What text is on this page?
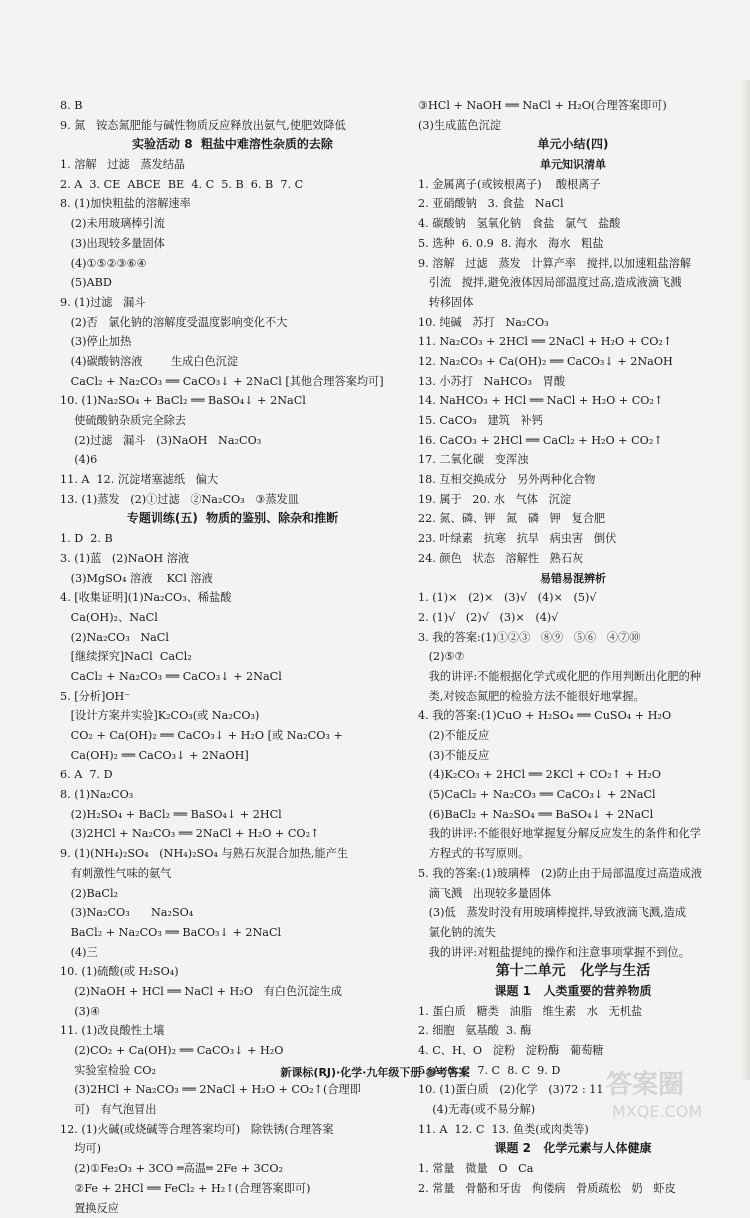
8. B
9. 氮   铵态氮肥能与碱性物质反应释放出氨气,使肥效降低
实验活动 8  粗盐中难溶性杂质的去除
1. 溶解   过滤   蒸发结晶
2. A  3. CE  ABCE  BE  4. C  5. B  6. B  7. C
8. (1)加快粗盐的溶解速率
(2)未用玻璃棒引流
(3)出现较多量固体
(4)①⑤②③⑥④
(5)ABD
9. (1)过滤   漏斗
(2)否   氯化钠的溶解度受温度影响变化不大
(3)停止加热
(4)碳酸钠溶液        生成白色沉淀
CaCl₂ + Na₂CO₃ ══ CaCO₃↓ + 2NaCl [其他合理答案均可]
10. (1)Na₂SO₄ + BaCl₂ ══ BaSO₄↓ + 2NaCl
使硫酸钠杂质完全除去
(2)过滤   漏斗   (3)NaOH   Na₂CO₃
(4)6
11. A  12. 沉淀堵塞滤纸   偏大
13. (1)蒸发   (2)①过滤   ②Na₂CO₃   ③蒸发皿
专题训练(五)  物质的鉴别、除杂和推断
1. D  2. B
3. (1)蓝   (2)NaOH 溶液
(3)MgSO₄ 溶液    KCl 溶液
4. [收集证明](1)Na₂CO₃、稀盐酸
Ca(OH)₂、NaCl
(2)Na₂CO₃   NaCl
[继续探究]NaCl  CaCl₂
CaCl₂ + Na₂CO₃ ══ CaCO₃↓ + 2NaCl
5. [分析]OH⁻
[设计方案并实验]K₂CO₃(或 Na₂CO₃)
CO₂ + Ca(OH)₂ ══ CaCO₃↓ + H₂O [或 Na₂CO₃ +
Ca(OH)₂ ══ CaCO₃↓ + 2NaOH]
6. A  7. D
8. (1)Na₂CO₃
(2)H₂SO₄ + BaCl₂ ══ BaSO₄↓ + 2HCl
(3)2HCl + Na₂CO₃ ══ 2NaCl + H₂O + CO₂↑
9. (1)(NH₄)₂SO₄   (NH₄)₂SO₄ 与熟石灰混合加热,能产生
有刺激性气味的氨气
(2)BaCl₂
(3)Na₂CO₃      Na₂SO₄
BaCl₂ + Na₂CO₃ ══ BaCO₃↓ + 2NaCl
(4)三
10. (1)硫酸(或 H₂SO₄)
(2)NaOH + HCl ══ NaCl + H₂O   有白色沉淀生成
(3)④
11. (1)改良酸性土壤
(2)CO₂ + Ca(OH)₂ ══ CaCO₃↓ + H₂O
实验室检验 CO₂
(3)2HCl + Na₂CO₃ ══ 2NaCl + H₂O + CO₂↑(合理即
可)   有气泡冒出
12. (1)火碱(或烧碱等合理答案均可)   除铁锈(合理答案
均可)
(2)①Fe₂O₃ + 3CO ═高温═ 2Fe + 3CO₂
②Fe + 2HCl ══ FeCl₂ + H₂↑(合理答案即可)
置换反应
③HCl + NaOH ══ NaCl + H₂O(合理答案即可)
(3)生成蓝色沉淀
单元小结(四)
单元知识清单
1. 金属离子(或铵根离子)    酸根离子
2. 亚硝酸钠   3. 食盐   NaCl
4. 碳酸钠   氢氧化钠   食盐   氯气   盐酸
5. 选种  6. 0.9  8. 海水   海水   粗盐
9. 溶解   过滤   蒸发   计算产率   搅拌,以加速粗盐溶解
引流   搅拌,避免液体因局部温度过高,造成液滴飞溅
转移固体
10. 纯碱   苏打   Na₂CO₃
11. Na₂CO₃ + 2HCl ══ 2NaCl + H₂O + CO₂↑
12. Na₂CO₃ + Ca(OH)₂ ══ CaCO₃↓ + 2NaOH
13. 小苏打   NaHCO₃   胃酸
14. NaHCO₃ + HCl ══ NaCl + H₂O + CO₂↑
15. CaCO₃   建筑   补钙
16. CaCO₃ + 2HCl ══ CaCl₂ + H₂O + CO₂↑
17. 二氧化碳   变浑浊
18. 互相交换成分   另外两种化合物
19. 属于   20. 水   气体   沉淀
22. 氮、磷、钾   氮   磷   钾   复合肥
23. 叶绿素   抗寒   抗旱   病虫害   倒伏
24. 颜色   状态   溶解性   熟石灰
易错易混辨析
1. (1)×   (2)×   (3)√   (4)×   (5)√
2. (1)√   (2)√   (3)×   (4)√
3. 我的答案:(1)①②③   ⑧⑨   ⑤⑥   ④⑦⑩
(2)⑤⑦
我的讲评:不能根据化学式或化肥的作用判断出化肥的种
类,对铵态氮肥的检验方法不能很好地掌握。
4. 我的答案:(1)CuO + H₂SO₄ ══ CuSO₄ + H₂O
(2)不能反应
(3)不能反应
(4)K₂CO₃ + 2HCl ══ 2KCl + CO₂↑ + H₂O
(5)CaCl₂ + Na₂CO₃ ══ CaCO₃↓ + 2NaCl
(6)BaCl₂ + Na₂SO₄ ══ BaSO₄↓ + 2NaCl
我的讲评:不能很好地掌握复分解反应发生的条件和化学
方程式的书写原则。
5. 我的答案:(1)玻璃棒   (2)防止由于局部温度过高造成液
滴飞溅   出现较多量固体
(3)低   蒸发时没有用玻璃棒搅拌,导致液滴飞溅,造成
氯化钠的流失
我的讲评:对粗盐提纯的操作和注意事项掌握不到位。
第十二单元   化学与生活
课题 1   人类重要的营养物质
1. 蛋白质   糖类   油脂   维生素   水   无机盐
2. 细胞   氨基酸  3. 酶
4. C、H、O   淀粉   淀粉酶   葡萄糖
5. A  6. C  7. C  8. C  9. D
10. (1)蛋白质   (2)化学   (3)72 : 11
(4)无毒(或不易分解)
11. A  12. C  13. 鱼类(或肉类等)
课题 2   化学元素与人体健康
1. 常量   微量   O   Ca
2. 常量   骨骼和牙齿   佝偻病   骨质疏松   奶   虾皮
新课标(RJ)·化学·九年级下册·参考答案	答案圈
MXQE.COM
